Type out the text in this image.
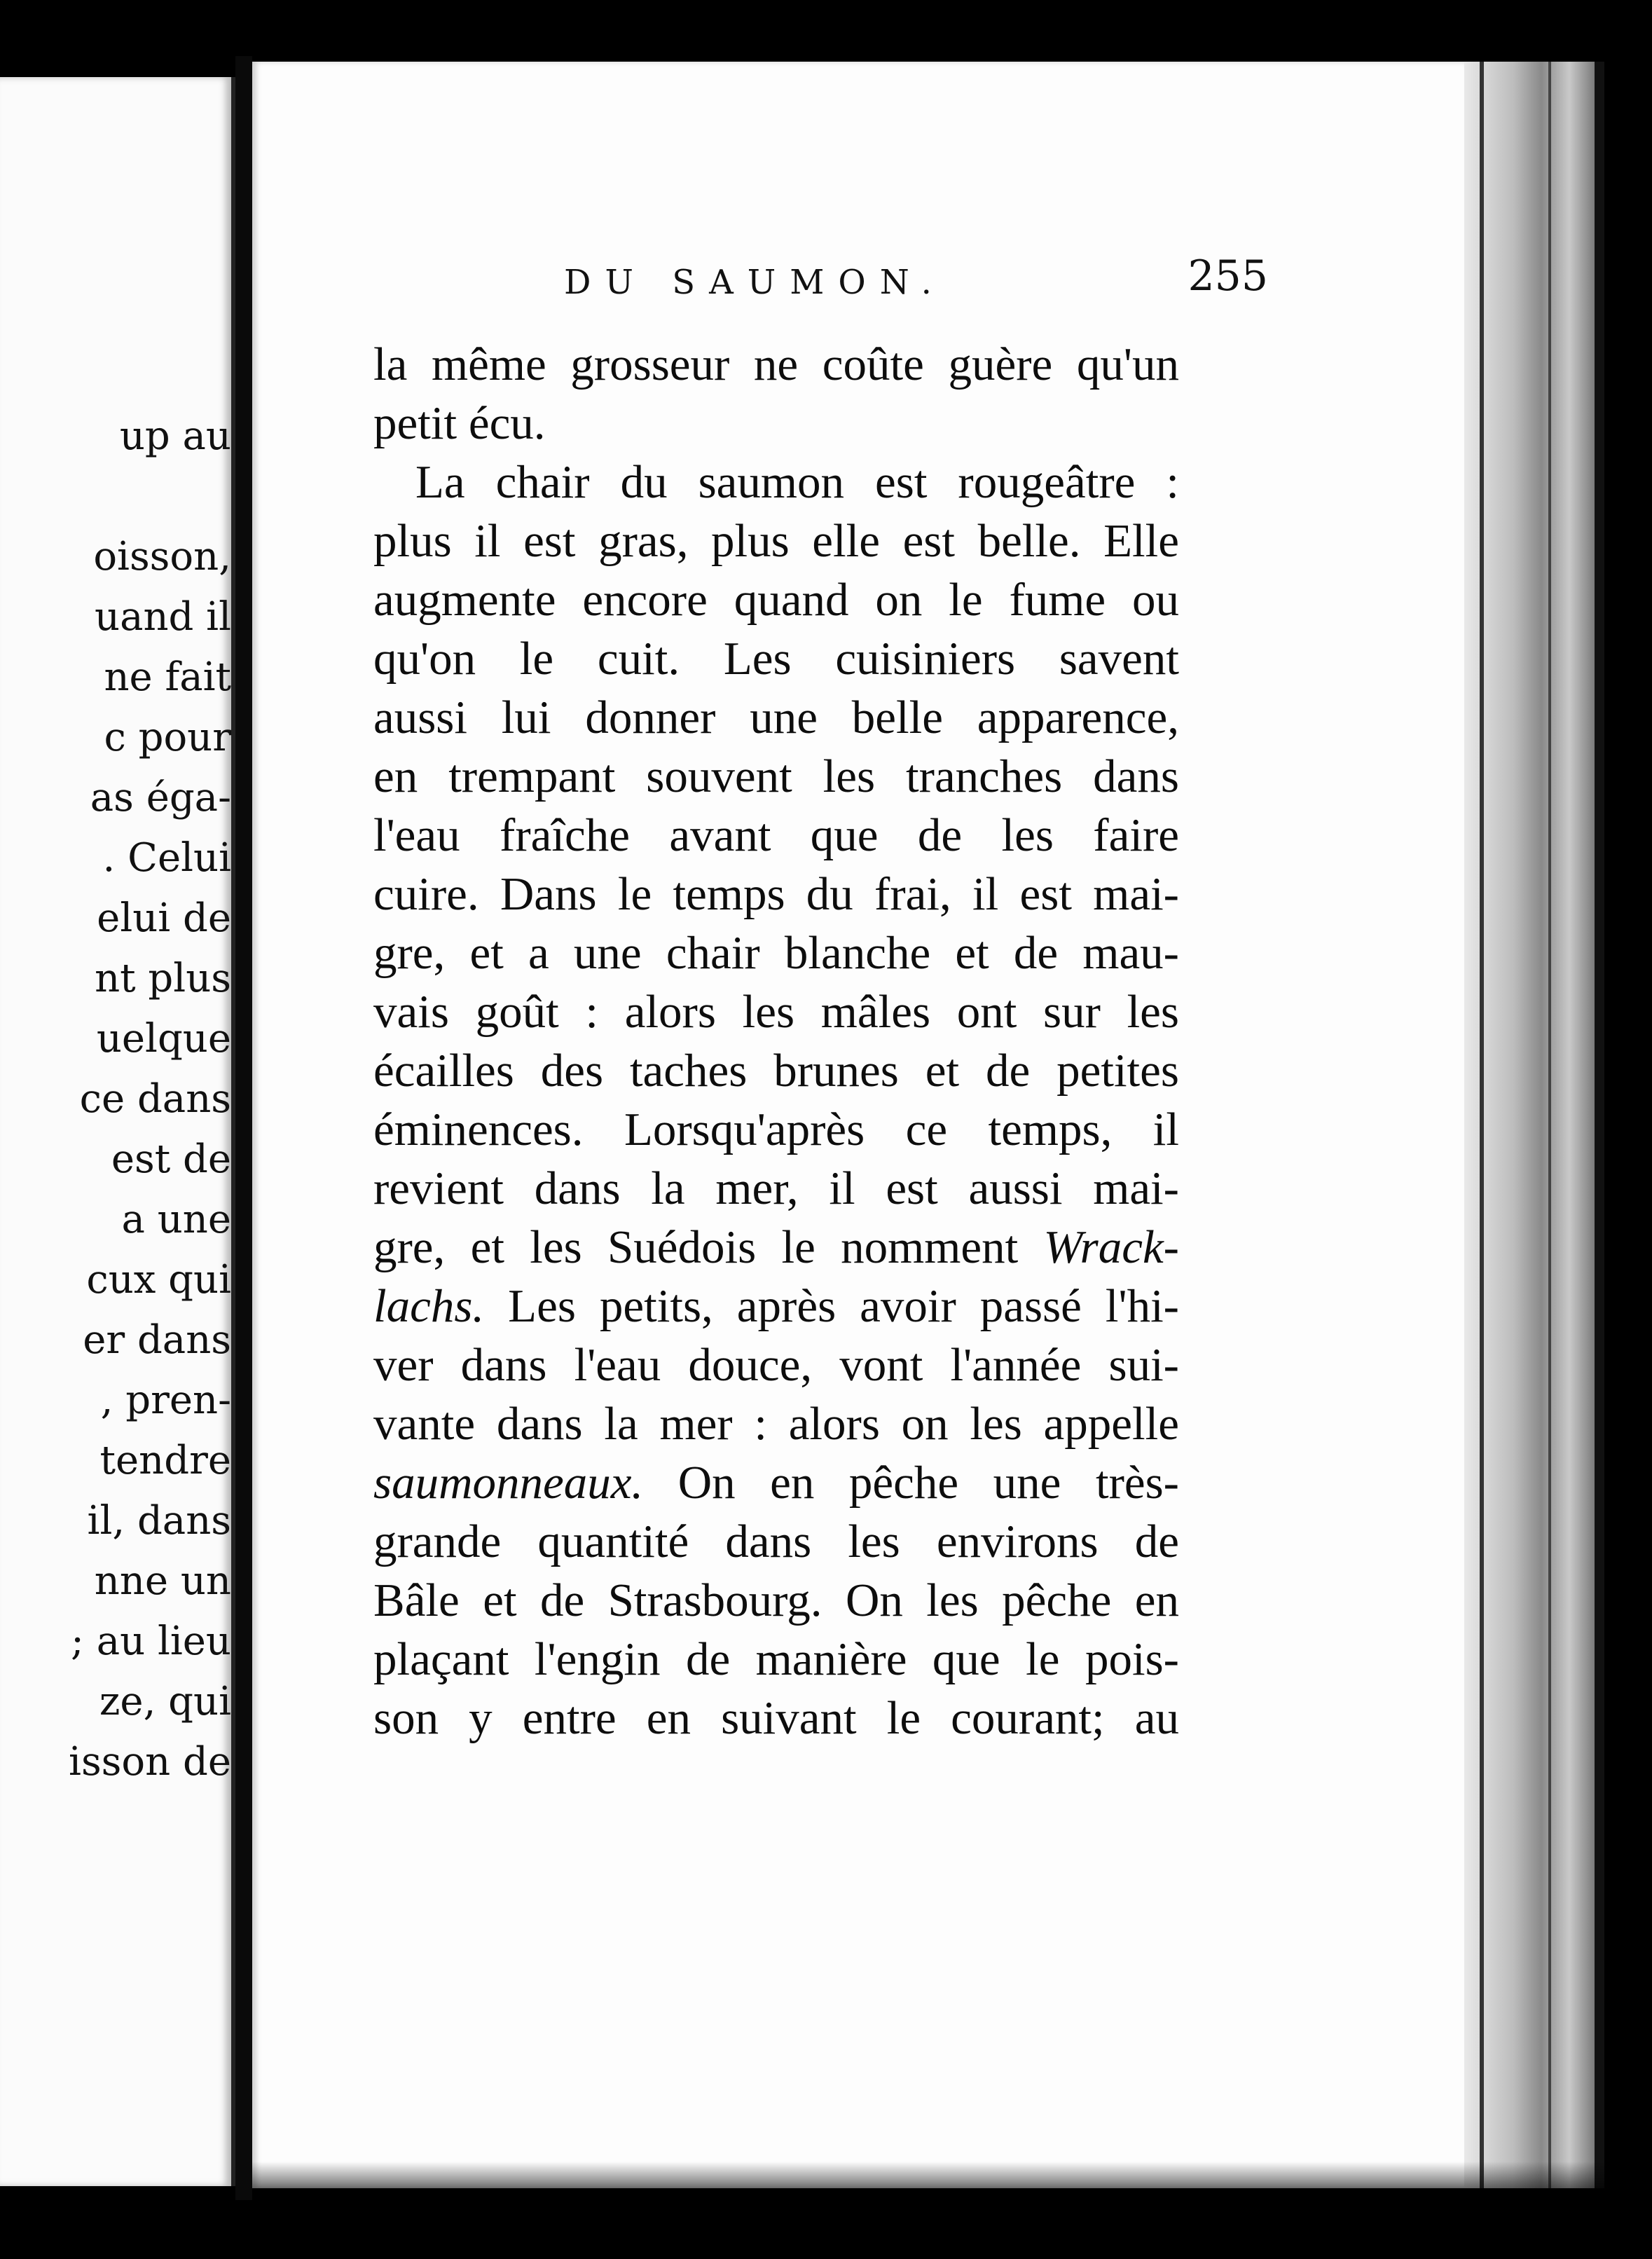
up au
oisson,
uand il
ne fait
c pour
as éga-
. Celui
elui de
nt plus
uelque
ce dans
est de
a une
cux qui
er dans
, pren-
tendre
il, dans
nne un
; au lieu
ze, qui
isson de
DU SAUMON.	255
la même grosseur ne coûte guère qu'un
petit écu.
La chair du saumon est rougeâtre :
plus il est gras, plus elle est belle. Elle
augmente encore quand on le fume ou
qu'on le cuit. Les cuisiniers savent
aussi lui donner une belle apparence,
en trempant souvent les tranches dans
l'eau fraîche avant que de les faire
cuire. Dans le temps du frai, il est mai-
gre, et a une chair blanche et de mau-
vais goût : alors les mâles ont sur les
écailles des taches brunes et de petites
éminences. Lorsqu'après ce temps, il
revient dans la mer, il est aussi mai-
gre, et les Suédois le nomment Wrack-
lachs. Les petits, après avoir passé l'hi-
ver dans l'eau douce, vont l'année sui-
vante dans la mer : alors on les appelle
saumonneaux. On en pêche une très-
grande quantité dans les environs de
Bâle et de Strasbourg. On les pêche en
plaçant l'engin de manière que le pois-
son y entre en suivant le courant; au
